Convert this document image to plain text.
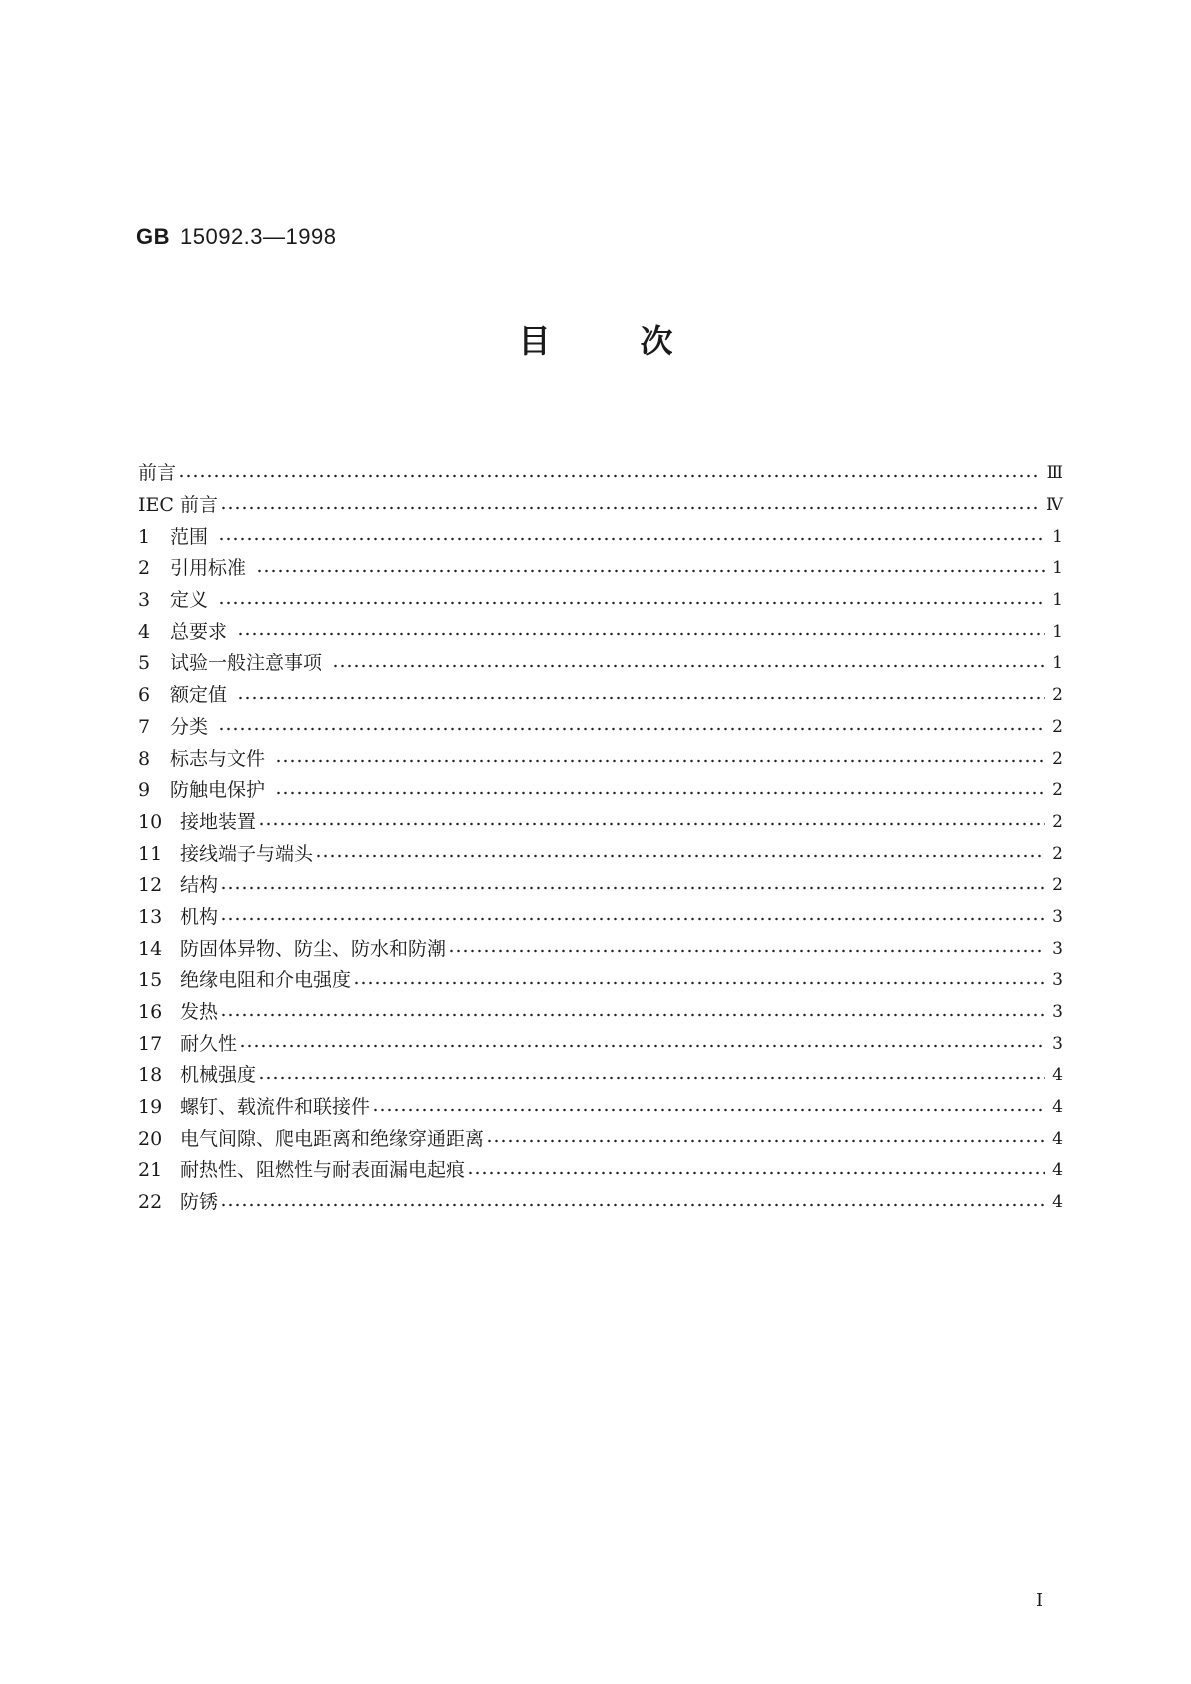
GB 15092.3—1998
目次
前言	Ⅲ
IEC 前言	Ⅳ
1	范围	1
2	引用标准	1
3	定义	1
4	总要求	1
5	试验一般注意事项	1
6	额定值	2
7	分类	2
8	标志与文件	2
9	防触电保护	2
10 接地装置	2
11 接线端子与端头	2
12 结构	2
13 机构	3
14 防固体异物、防尘、防水和防潮	3
15 绝缘电阻和介电强度	3
16 发热	3
17 耐久性	3
18 机械强度	4
19 螺钉、载流件和联接件	4
20 电气间隙、爬电距离和绝缘穿通距离	4
21 耐热性、阻燃性与耐表面漏电起痕	4
22 防锈	4
I
